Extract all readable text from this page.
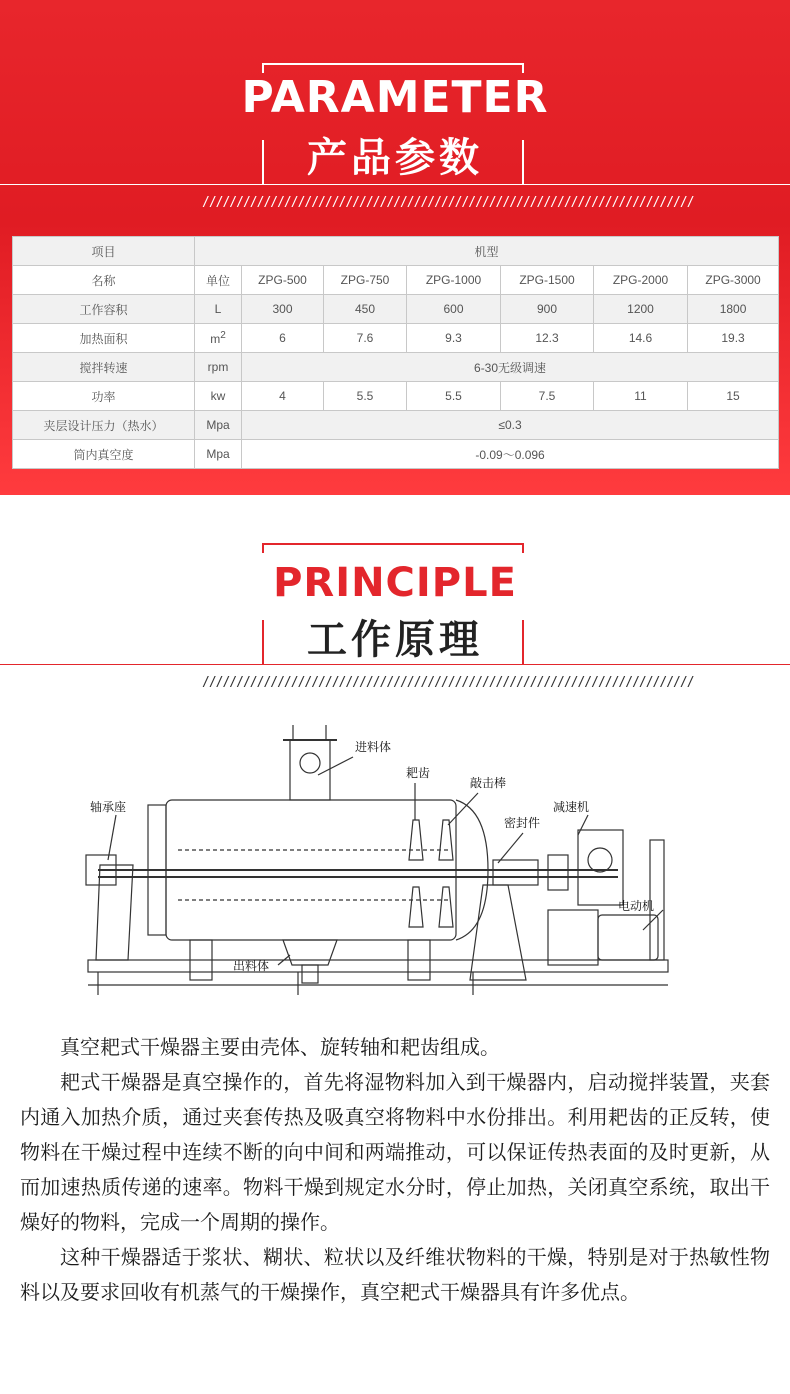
PARAMETER
产品参数
////////////////////////////////////////////////////////////////////////
项目	机型						
名称	单位	ZPG-500	ZPG-750	ZPG-1000	ZPG-1500	ZPG-2000	ZPG-3000
工作容积	L	300	450	600	900	1200	1800
加热面积	$m^2$	6	7.6	9.3	12.3	14.6	19.3
搅拌转速	rpm	6-30无级调速					
功率	kw	4	5.5	5.5	7.5	11	15
夹层设计压力（热水）	Mpa	≤0.3					
筒内真空度	Mpa	-0.09～0.096					
PRINCIPLE
工作原理
////////////////////////////////////////////////////////////////////////
进料体
耙齿
敲击棒
轴承座
密封件
减速机
电动机
出料体

真空耙式干燥器主要由壳体、旋转轴和耙齿组成。

耙式干燥器是真空操作的，首先将湿物料加入到干燥器内，启动搅拌装置，夹套内通入加热介质，通过夹套传热及吸真空将物料中水份排出。利用耙齿的正反转，使物料在干燥过程中连续不断的向中间和两端推动，可以保证传热表面的及时更新，从而加速热质传递的速率。物料干燥到规定水分时，停止加热，关闭真空系统，取出干燥好的物料，完成一个周期的操作。

这种干燥器适于浆状、糊状、粒状以及纤维状物料的干燥，特别是对于热敏性物料以及要求回收有机蒸气的干燥操作，真空耙式干燥器具有许多优点。
